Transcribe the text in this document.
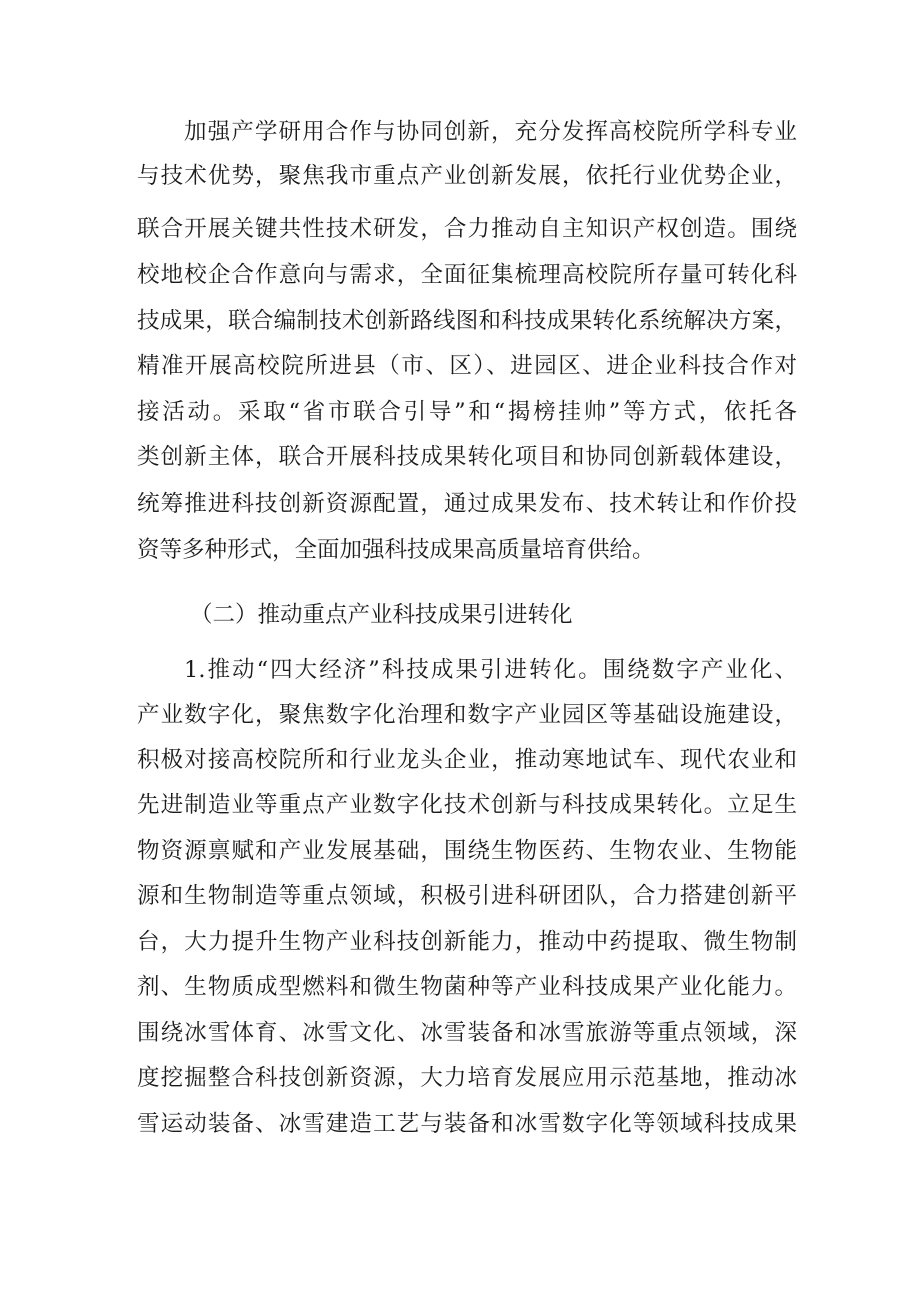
加强产学研用合作与协同创新，充分发挥高校院所学科专业
与技术优势，聚焦我市重点产业创新发展，依托行业优势企业，
联合开展关键共性技术研发，合力推动自主知识产权创造。围绕
校地校企合作意向与需求，全面征集梳理高校院所存量可转化科
技成果，联合编制技术创新路线图和科技成果转化系统解决方案，
精准开展高校院所进县（市、区）、进园区、进企业科技合作对
接活动。采取“省市联合引导”和“揭榜挂帅”等方式，依托各
类创新主体，联合开展科技成果转化项目和协同创新载体建设，
统筹推进科技创新资源配置，通过成果发布、技术转让和作价投
资等多种形式，全面加强科技成果高质量培育供给。
（二）推动重点产业科技成果引进转化
1.推动“四大经济”科技成果引进转化。围绕数字产业化、
产业数字化，聚焦数字化治理和数字产业园区等基础设施建设，
积极对接高校院所和行业龙头企业，推动寒地试车、现代农业和
先进制造业等重点产业数字化技术创新与科技成果转化。立足生
物资源禀赋和产业发展基础，围绕生物医药、生物农业、生物能
源和生物制造等重点领域，积极引进科研团队，合力搭建创新平
台，大力提升生物产业科技创新能力，推动中药提取、微生物制
剂、生物质成型燃料和微生物菌种等产业科技成果产业化能力。
围绕冰雪体育、冰雪文化、冰雪装备和冰雪旅游等重点领域，深
度挖掘整合科技创新资源，大力培育发展应用示范基地，推动冰
雪运动装备、冰雪建造工艺与装备和冰雪数字化等领域科技成果
